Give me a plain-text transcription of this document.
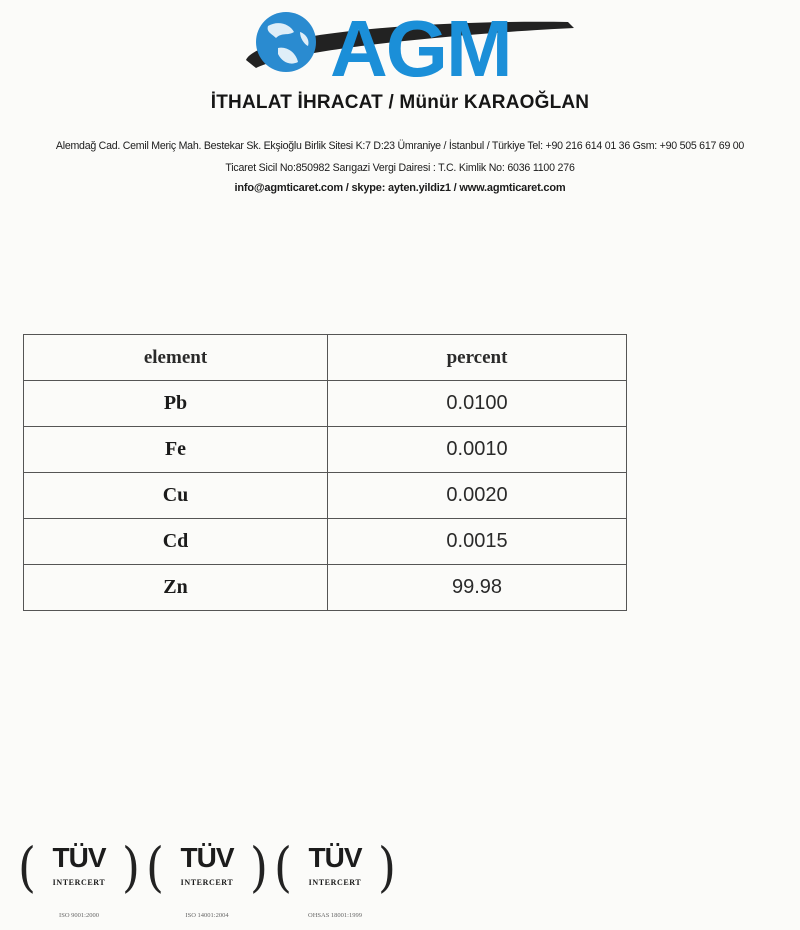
AGM
İTHALAT İHRACAT / Münür KARAOĞLAN
Alemdağ Cad. Cemil Meriç Mah. Bestekar Sk. Ekşioğlu Birlik Sitesi K:7 D:23 Ümraniye / İstanbul / Türkiye Tel: +90 216 614 01 36 Gsm: +90 505 617 69 00
Ticaret Sicil No:850982 Sarıgazi Vergi Dairesi : T.C. Kimlik No: 6036 1100 276
info@agmticaret.com / skype: ayten.yildiz1 / www.agmticaret.com
element	percent
Pb	0.0100
Fe	0.0010
Cu	0.0020
Cd	0.0015
Zn	99.98
( TÜV
INTERCERT )
ISO 9001:2000
( TÜV
INTERCERT )
ISO 14001:2004
( TÜV
INTERCERT )
OHSAS 18001:1999
